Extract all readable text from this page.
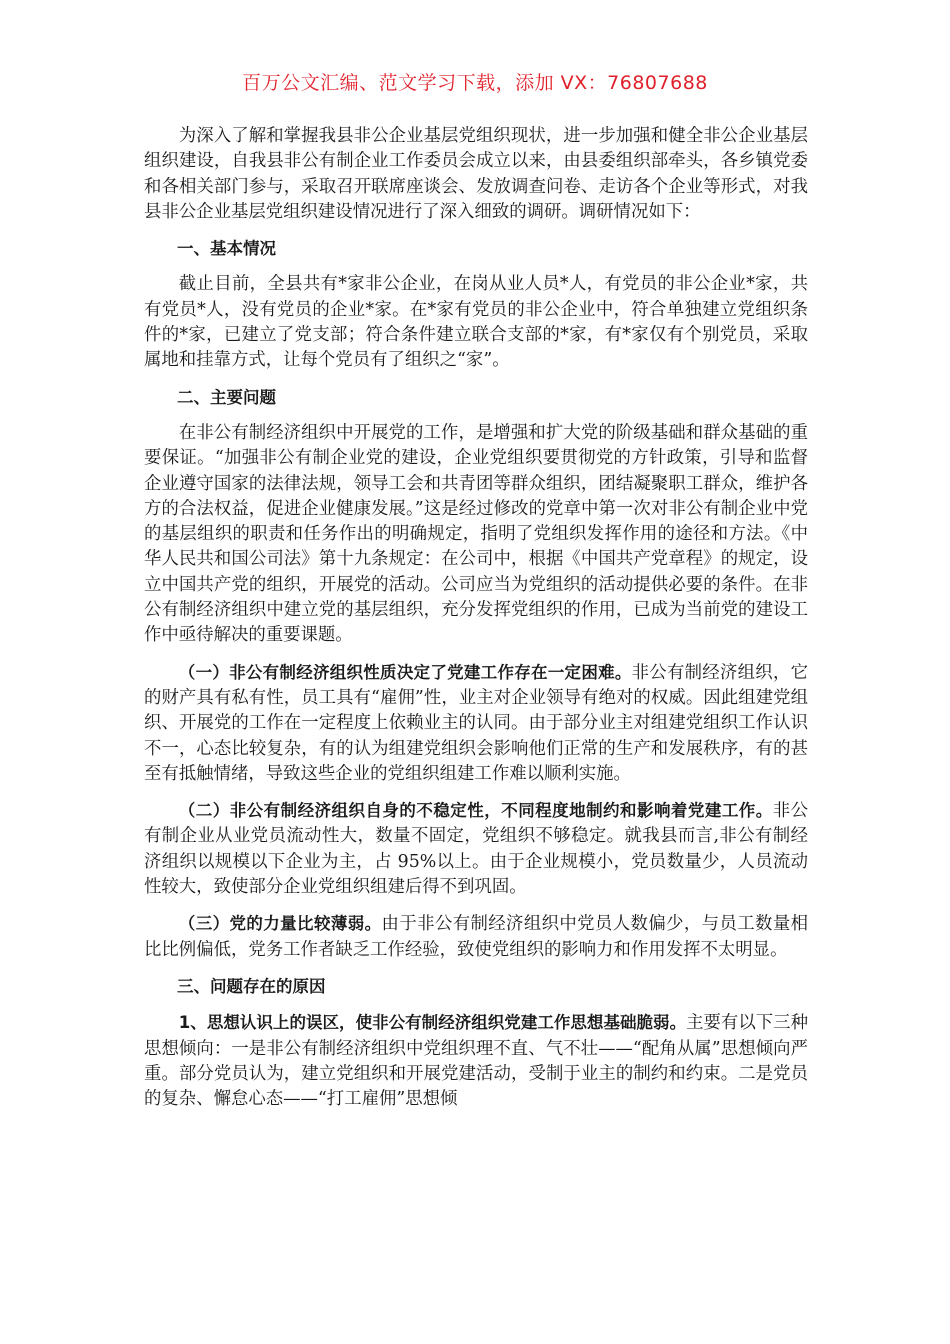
百万公文汇编、范文学习下载，添加 VX：76807688

为深入了解和掌握我县非公企业基层党组织现状，进一步加强和健全非公企业基层组织建设，自我县非公有制企业工作委员会成立以来，由县委组织部牵头，各乡镇党委和各相关部门参与，采取召开联席座谈会、发放调查问卷、走访各个企业等形式，对我县非公企业基层党组织建设情况进行了深入细致的调研。调研情况如下：

一、基本情况

截止目前，全县共有*家非公企业，在岗从业人员*人，有党员的非公企业*家，共有党员*人，没有党员的企业*家。在*家有党员的非公企业中，符合单独建立党组织条件的*家，已建立了党支部；符合条件建立联合支部的*家，有*家仅有个别党员，采取属地和挂靠方式，让每个党员有了组织之“家”。

二、主要问题

在非公有制经济组织中开展党的工作，是增强和扩大党的阶级基础和群众基础的重要保证。“加强非公有制企业党的建设，企业党组织要贯彻党的方针政策，引导和监督企业遵守国家的法律法规，领导工会和共青团等群众组织，团结凝聚职工群众，维护各方的合法权益，促进企业健康发展。”这是经过修改的党章中第一次对非公有制企业中党的基层组织的职责和任务作出的明确规定，指明了党组织发挥作用的途径和方法。《中华人民共和国公司法》第十九条规定：在公司中，根据《中国共产党章程》的规定，设立中国共产党的组织，开展党的活动。公司应当为党组织的活动提供必要的条件。在非公有制经济组织中建立党的基层组织，充分发挥党组织的作用，已成为当前党的建设工作中亟待解决的重要课题。

（一）非公有制经济组织性质决定了党建工作存在一定困难。非公有制经济组织，它的财产具有私有性，员工具有“雇佣”性，业主对企业领导有绝对的权威。因此组建党组织、开展党的工作在一定程度上依赖业主的认同。由于部分业主对组建党组织工作认识不一，心态比较复杂，有的认为组建党组织会影响他们正常的生产和发展秩序，有的甚至有抵触情绪，导致这些企业的党组织组建工作难以顺利实施。

（二）非公有制经济组织自身的不稳定性，不同程度地制约和影响着党建工作。非公有制企业从业党员流动性大，数量不固定，党组织不够稳定。就我县而言,非公有制经济组织以规模以下企业为主，占 95%以上。由于企业规模小，党员数量少，人员流动性较大，致使部分企业党组织组建后得不到巩固。

（三）党的力量比较薄弱。由于非公有制经济组织中党员人数偏少，与员工数量相比比例偏低，党务工作者缺乏工作经验，致使党组织的影响力和作用发挥不太明显。

三、问题存在的原因

1、思想认识上的误区，使非公有制经济组织党建工作思想基础脆弱。主要有以下三种思想倾向：一是非公有制经济组织中党组织理不直、气不壮——“配角从属”思想倾向严重。部分党员认为，建立党组织和开展党建活动，受制于业主的制约和约束。二是党员的复杂、懈怠心态——“打工雇佣”思想倾
